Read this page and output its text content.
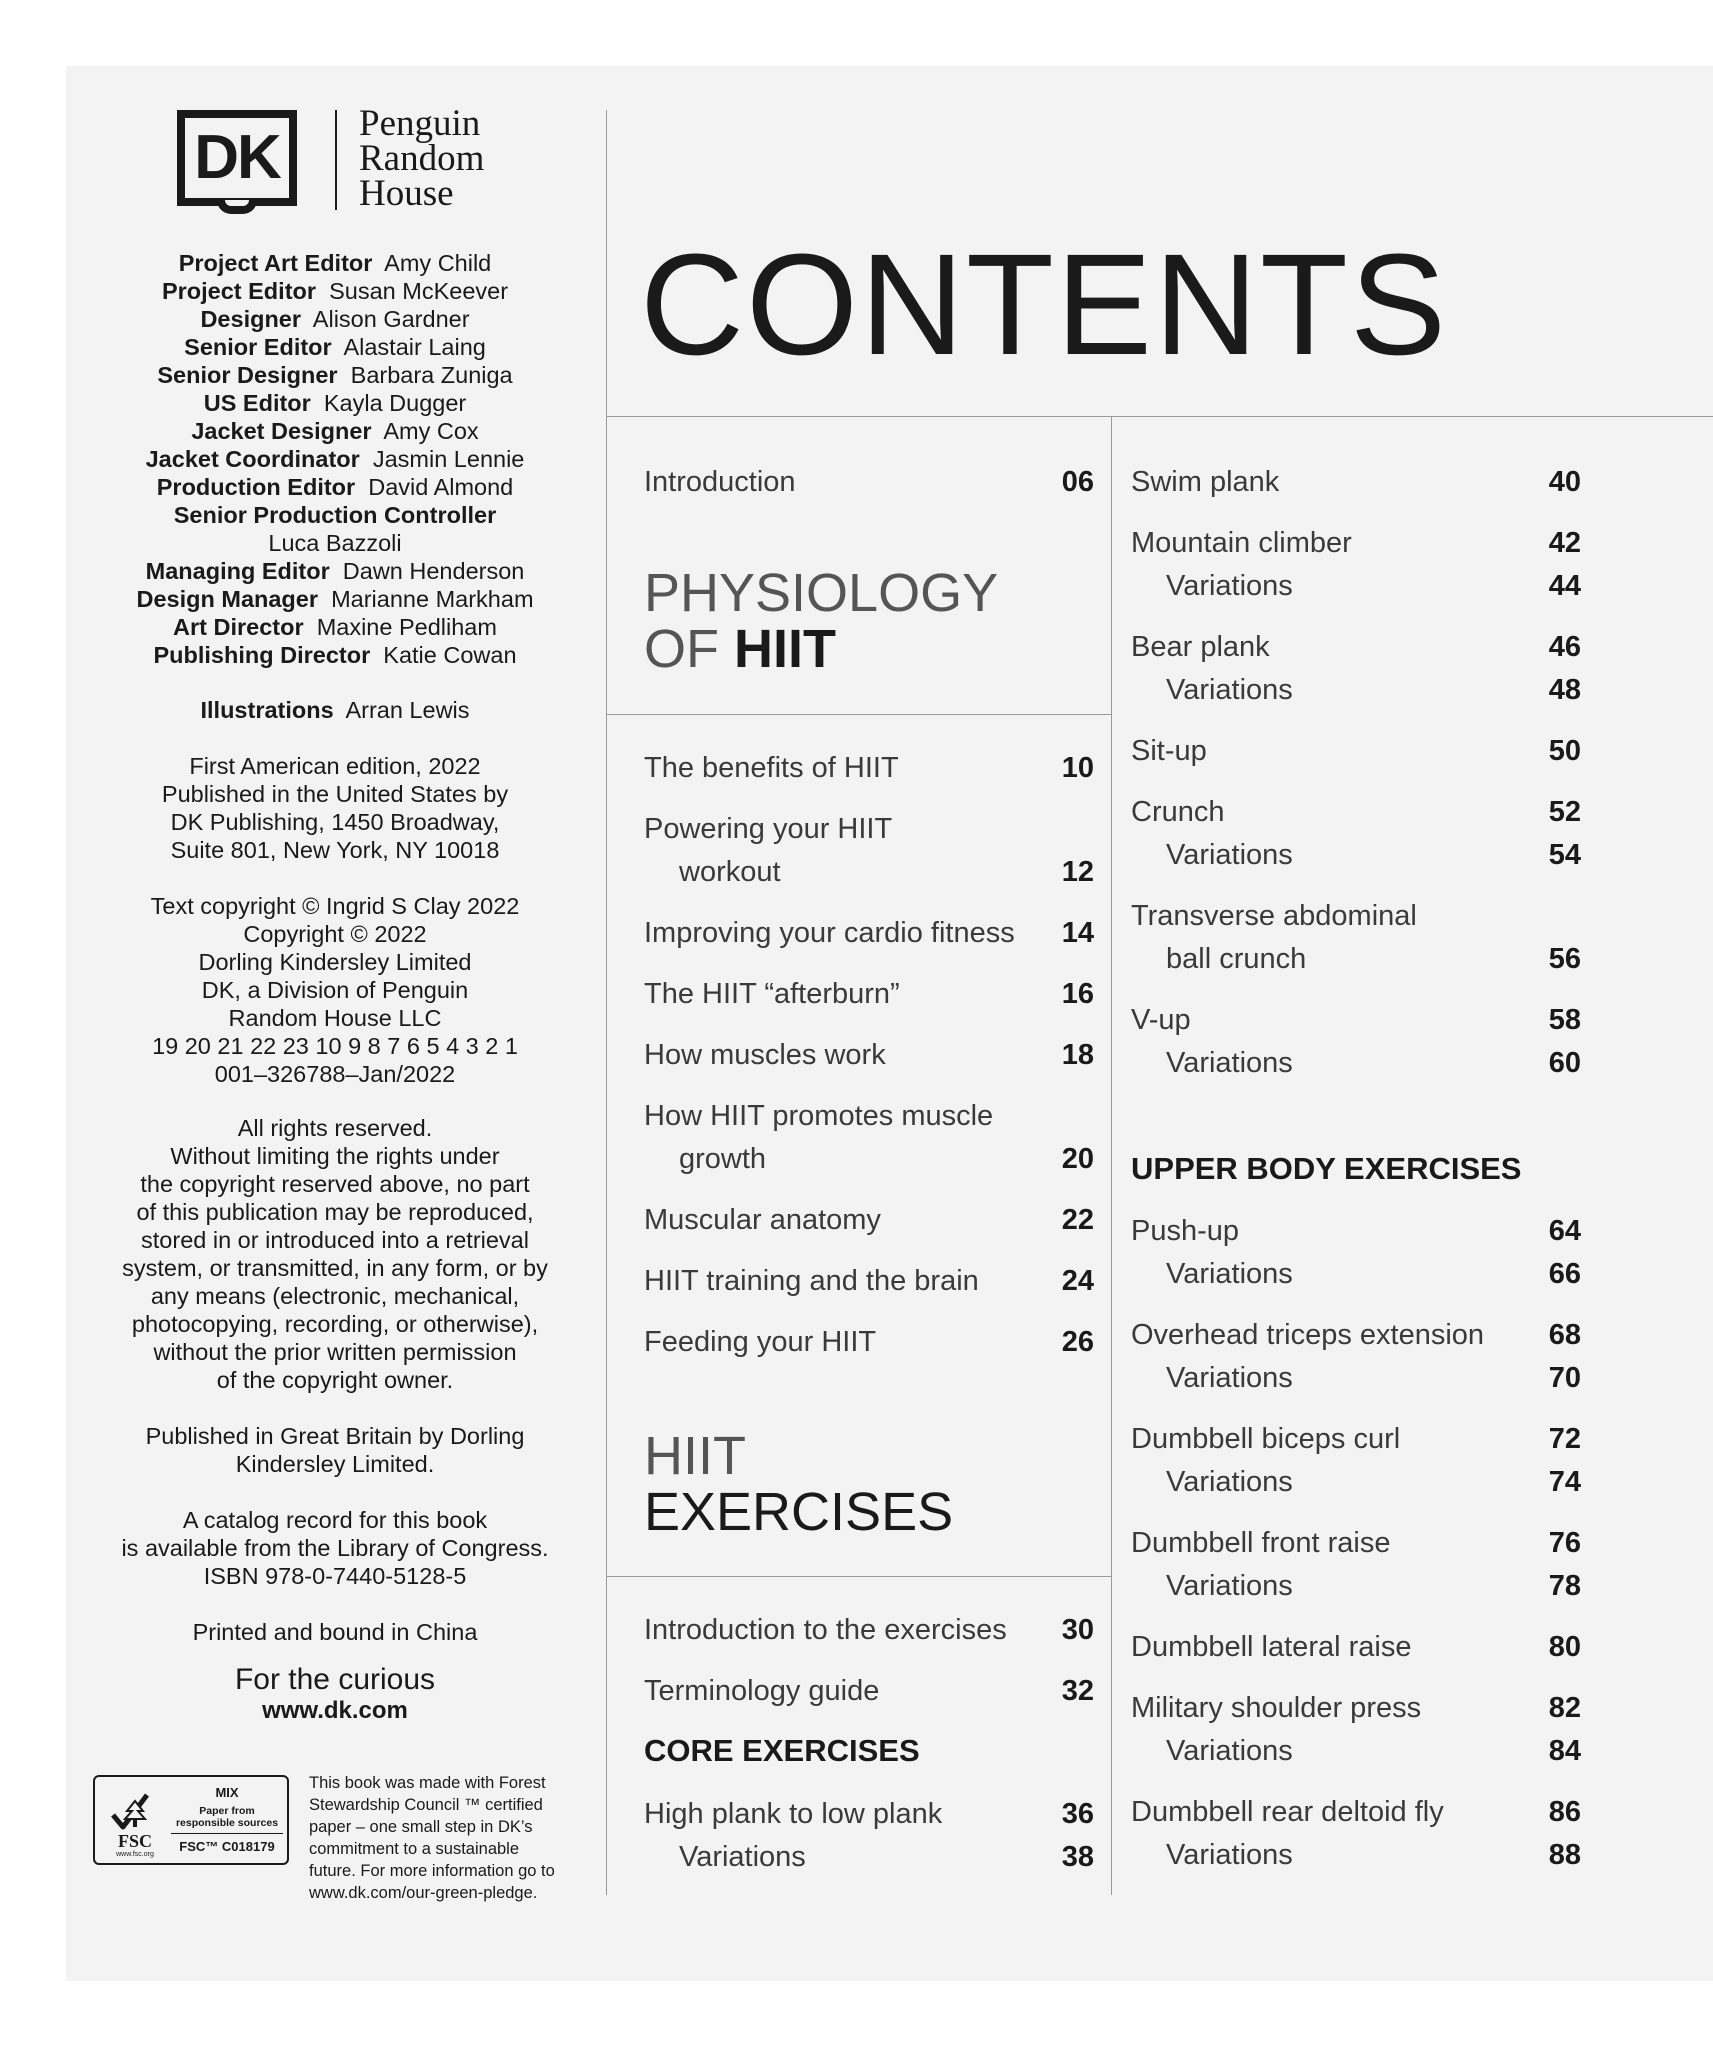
DK	Penguin
Random
House
Project Art Editor Amy Child
Project Editor Susan McKeever
Designer Alison Gardner
Senior Editor Alastair Laing
Senior Designer Barbara Zuniga
US Editor Kayla Dugger
Jacket Designer Amy Cox
Jacket Coordinator Jasmin Lennie
Production Editor David Almond
Senior Production Controller
Luca Bazzoli
Managing Editor Dawn Henderson
Design Manager Marianne Markham
Art Director Maxine Pedliham
Publishing Director Katie Cowan
Illustrations Arran Lewis
First American edition, 2022
Published in the United States by
DK Publishing, 1450 Broadway,
Suite 801, New York, NY 10018
Text copyright © Ingrid S Clay 2022
Copyright © 2022
Dorling Kindersley Limited
DK, a Division of Penguin
Random House LLC
19 20 21 22 23 10 9 8 7 6 5 4 3 2 1
001–326788–Jan/2022
All rights reserved.
Without limiting the rights under
the copyright reserved above, no part
of this publication may be reproduced,
stored in or introduced into a retrieval
system, or transmitted, in any form, or by
any means (electronic, mechanical,
photocopying, recording, or otherwise),
without the prior written permission
of the copyright owner.
Published in Great Britain by Dorling
Kindersley Limited.
A catalog record for this book
is available from the Library of Congress.
ISBN 978-0-7440-5128-5
Printed and bound in China
For the curious
www.dk.com
FSC
www.fsc.org
MIX
Paper from
responsible sources
FSC™ C018179
This book was made with Forest
Stewardship Council ™ certified
paper – one small step in DK’s
commitment to a sustainable
future. For more information go to
www.dk.com/our-green-pledge.
CONTENTS
Introduction	06
The benefits of HIIT	10
Powering your HIIT
workout	12
Improving your cardio fitness	14
The HIIT “afterburn”	16
How muscles work	18
How HIIT promotes muscle
growth	20
Muscular anatomy	22
HIIT training and the brain	24
Feeding your HIIT	26
Introduction to the exercises	30
Terminology guide	32
CORE EXERCISES
High plank to low plank	36
Variations	38
PHYSIOLOGY
OF HIIT
HIIT
EXERCISES
Swim plank	40
Mountain climber	42
Variations	44
Bear plank	46
Variations	48
Sit-up	50
Crunch	52
Variations	54
Transverse abdominal
ball crunch	56
V-up	58
Variations	60
UPPER BODY EXERCISES
Push-up	64
Variations	66
Overhead triceps extension	68
Variations	70
Dumbbell biceps curl	72
Variations	74
Dumbbell front raise	76
Variations	78
Dumbbell lateral raise	80
Military shoulder press	82
Variations	84
Dumbbell rear deltoid fly	86
Variations	88
